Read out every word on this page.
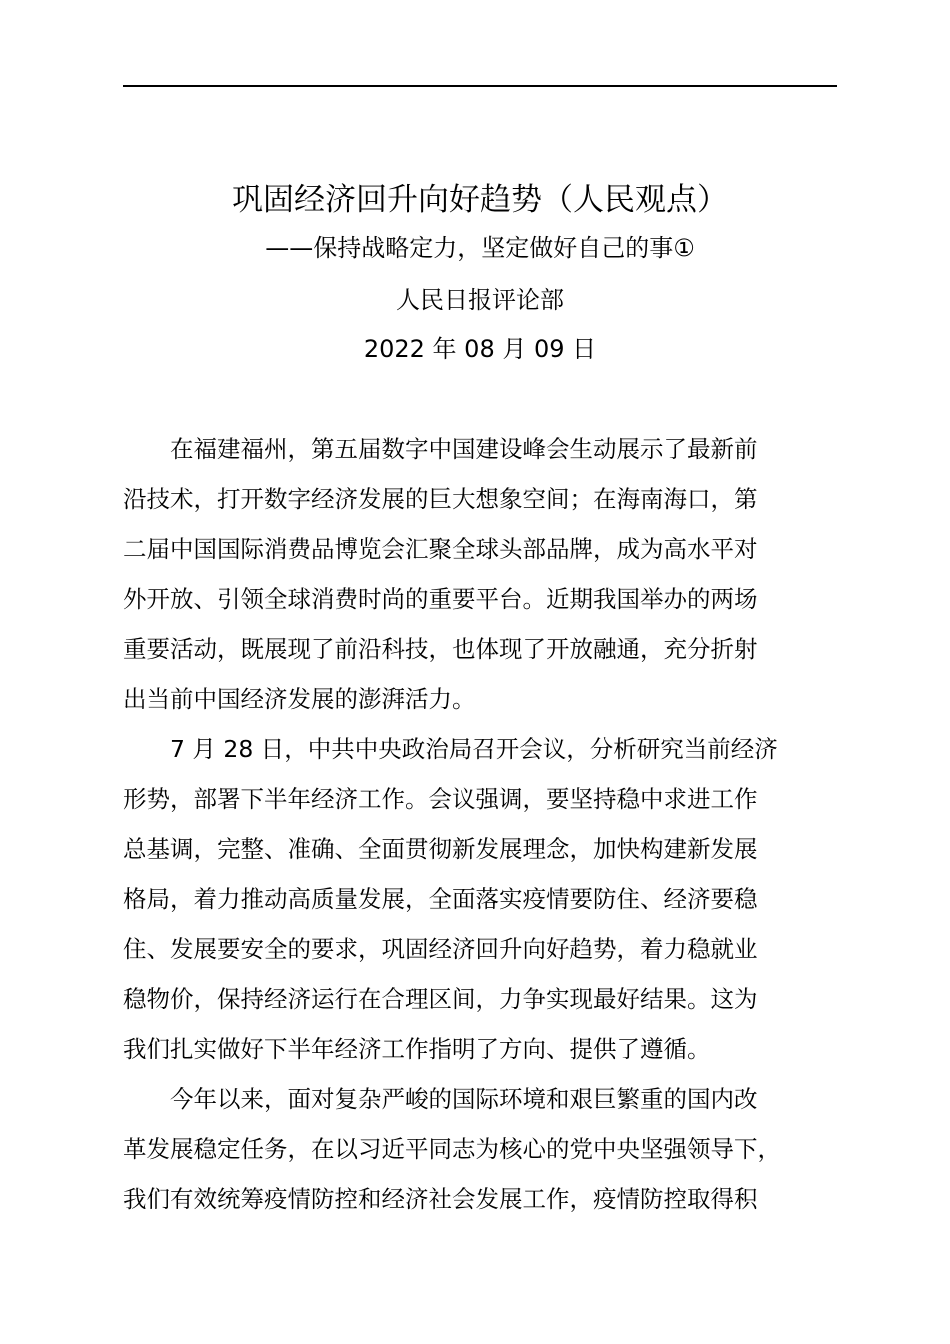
巩固经济回升向好趋势（人民观点）
——保持战略定力，坚定做好自己的事①
人民日报评论部
2022 年 08 月 09 日
在福建福州，第五届数字中国建设峰会生动展示了最新前
沿技术，打开数字经济发展的巨大想象空间；在海南海口，第
二届中国国际消费品博览会汇聚全球头部品牌，成为高水平对
外开放、引领全球消费时尚的重要平台。近期我国举办的两场
重要活动，既展现了前沿科技，也体现了开放融通，充分折射
出当前中国经济发展的澎湃活力。
7 月 28 日，中共中央政治局召开会议，分析研究当前经济
形势，部署下半年经济工作。会议强调，要坚持稳中求进工作
总基调，完整、准确、全面贯彻新发展理念，加快构建新发展
格局，着力推动高质量发展，全面落实疫情要防住、经济要稳
住、发展要安全的要求，巩固经济回升向好趋势，着力稳就业
稳物价，保持经济运行在合理区间，力争实现最好结果。这为
我们扎实做好下半年经济工作指明了方向、提供了遵循。
今年以来，面对复杂严峻的国际环境和艰巨繁重的国内改
革发展稳定任务，在以习近平同志为核心的党中央坚强领导下，
我们有效统筹疫情防控和经济社会发展工作，疫情防控取得积
